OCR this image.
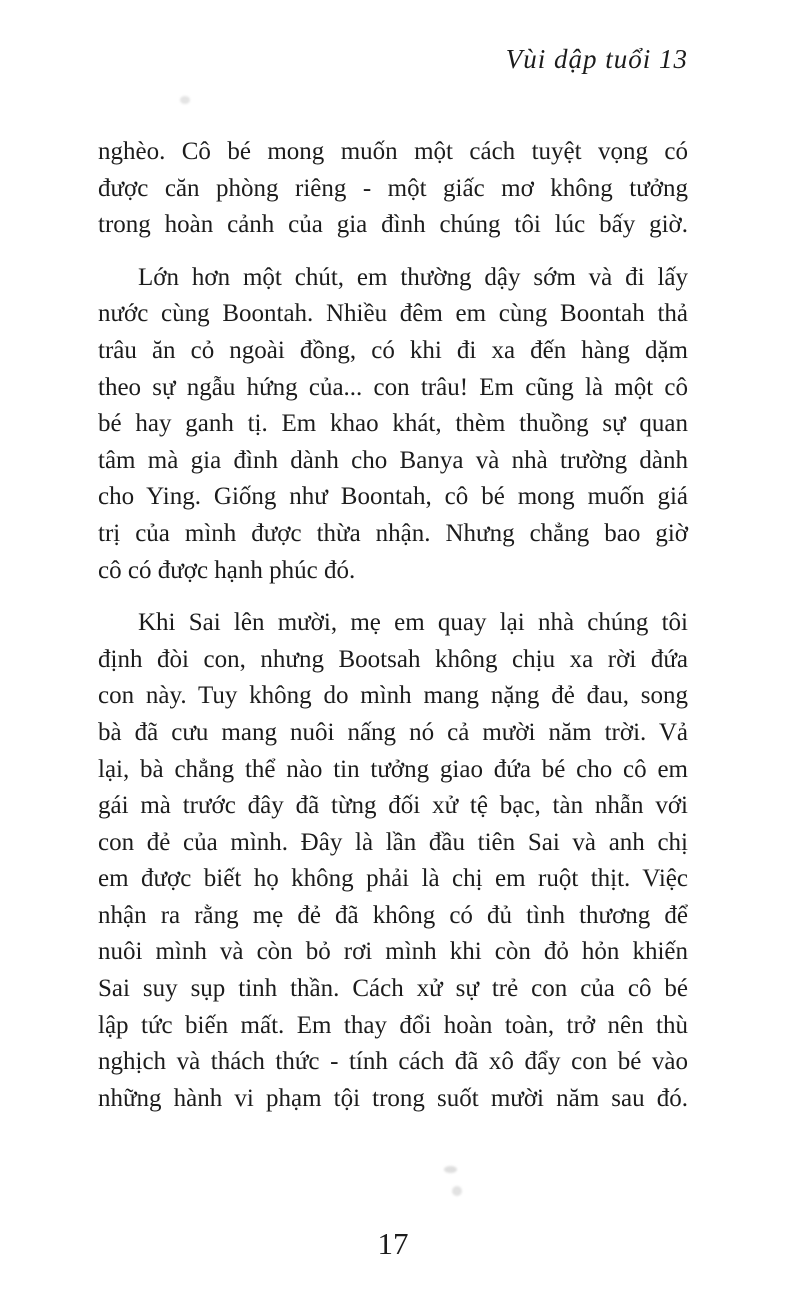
Vùi dập tuổi 13
nghèo. Cô bé mong muốn một cách tuyệt vọng có
được căn phòng riêng - một giấc mơ không tưởng
trong hoàn cảnh của gia đình chúng tôi lúc bấy giờ.
Lớn hơn một chút, em thường dậy sớm và đi lấy
nước cùng Boontah. Nhiều đêm em cùng Boontah thả
trâu ăn cỏ ngoài đồng, có khi đi xa đến hàng dặm
theo sự ngẫu hứng của... con trâu! Em cũng là một cô
bé hay ganh tị. Em khao khát, thèm thuồng sự quan
tâm mà gia đình dành cho Banya và nhà trường dành
cho Ying. Giống như Boontah, cô bé mong muốn giá
trị của mình được thừa nhận. Nhưng chẳng bao giờ
cô có được hạnh phúc đó.
Khi Sai lên mười, mẹ em quay lại nhà chúng tôi
định đòi con, nhưng Bootsah không chịu xa rời đứa
con này. Tuy không do mình mang nặng đẻ đau, song
bà đã cưu mang nuôi nấng nó cả mười năm trời. Vả
lại, bà chẳng thể nào tin tưởng giao đứa bé cho cô em
gái mà trước đây đã từng đối xử tệ bạc, tàn nhẫn với
con đẻ của mình. Đây là lần đầu tiên Sai và anh chị
em được biết họ không phải là chị em ruột thịt. Việc
nhận ra rằng mẹ đẻ đã không có đủ tình thương để
nuôi mình và còn bỏ rơi mình khi còn đỏ hỏn khiến
Sai suy sụp tinh thần. Cách xử sự trẻ con của cô bé
lập tức biến mất. Em thay đổi hoàn toàn, trở nên thù
nghịch và thách thức - tính cách đã xô đẩy con bé vào
những hành vi phạm tội trong suốt mười năm sau đó.
17
